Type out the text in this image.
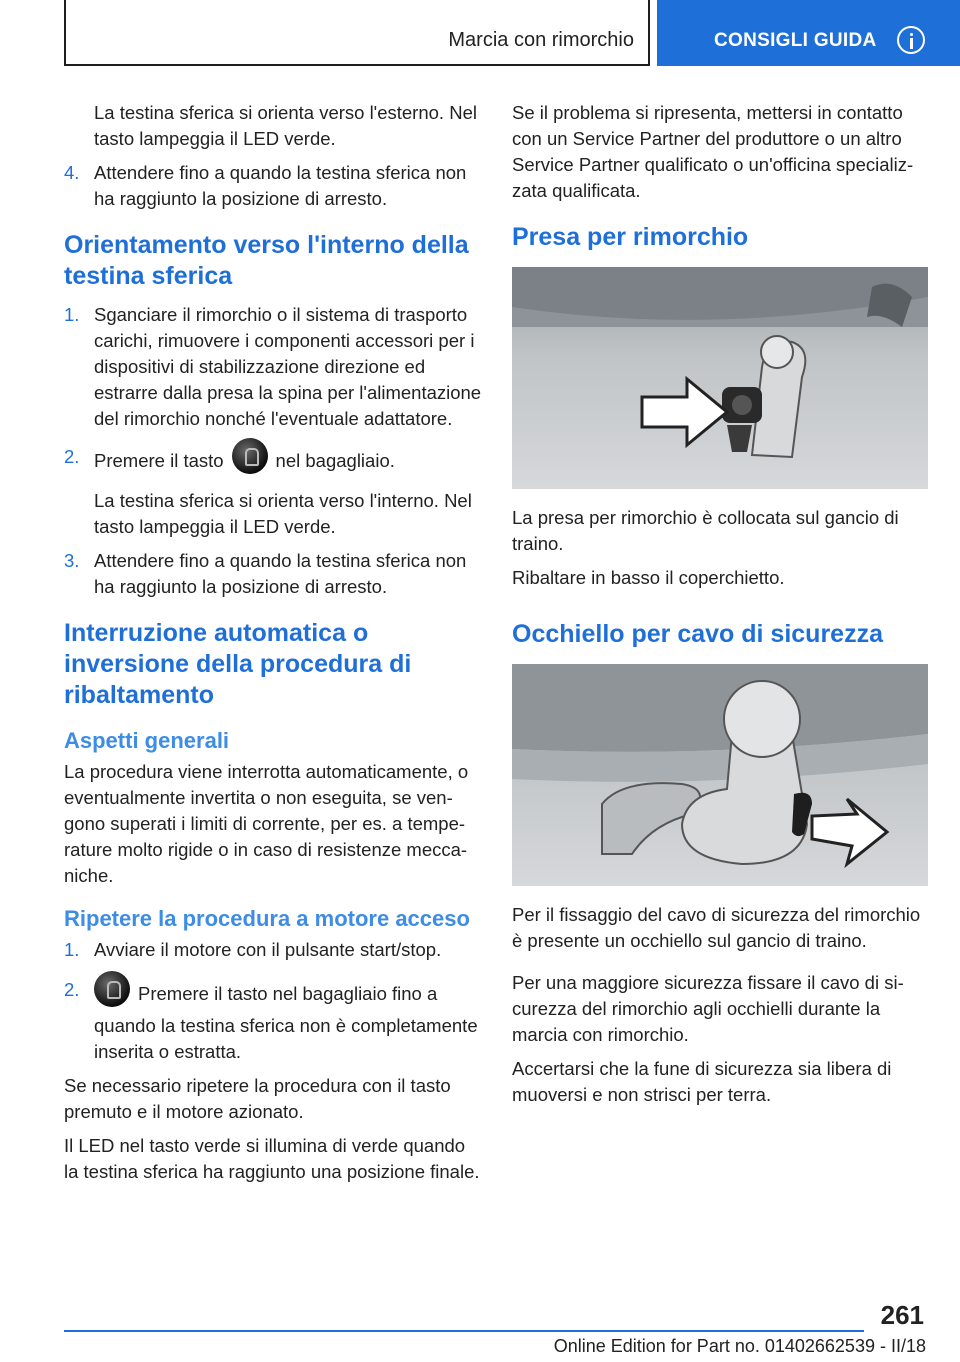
Marcia con rimorchio	CONSIGLI GUIDA

La testina sferica si orienta verso l'esterno. Nel tasto lampeggia il LED verde.

4. Attendere fino a quando la testina sferica non ha raggiunto la posizione di arresto.
Orientamento verso l'interno della testina sferica
1. Sganciare il rimorchio o il sistema di trasporto carichi, rimuovere i componenti accessori per i dispositivi di stabilizzazione direzione ed estrarre dalla presa la spina per l'alimentazione del rimorchio nonché l'eventuale adattatore.
2. Premere il tasto	nel bagagliaio.

La testina sferica si orienta verso l'interno. Nel tasto lampeggia il LED verde.

3. Attendere fino a quando la testina sferica non ha raggiunto la posizione di arresto.
Interruzione automatica o inversione della procedura di ribaltamento
Aspetti generali

La procedura viene interrotta automaticamente, o eventualmente invertita o non eseguita, se vengono superati i limiti di corrente, per es. a temperature molto rigide o in caso di resistenze meccaniche.

Ripetere la procedura a motore acceso
1. Avviare il motore con il pulsante start/stop.
2.	Premere il tasto nel bagagliaio fino a quando la testina sferica non è completamente inserita o estratta.

Se necessario ripetere la procedura con il tasto premuto e il motore azionato.

Il LED nel tasto verde si illumina di verde quando la testina sferica ha raggiunto una posizione finale.

Se il problema si ripresenta, mettersi in contatto con un Service Partner del produttore o un altro Service Partner qualificato o un'officina specializzata qualificata.

Presa per rimorchio

La presa per rimorchio è collocata sul gancio di traino.

Ribaltare in basso il coperchietto.

Occhiello per cavo di sicurezza

Per il fissaggio del cavo di sicurezza del rimorchio è presente un occhiello sul gancio di traino.

Per una maggiore sicurezza fissare il cavo di sicurezza del rimorchio agli occhielli durante la marcia con rimorchio.

Accertarsi che la fune di sicurezza sia libera di muoversi e non strisci per terra.

261
Online Edition for Part no. 01402662539 - II/18
